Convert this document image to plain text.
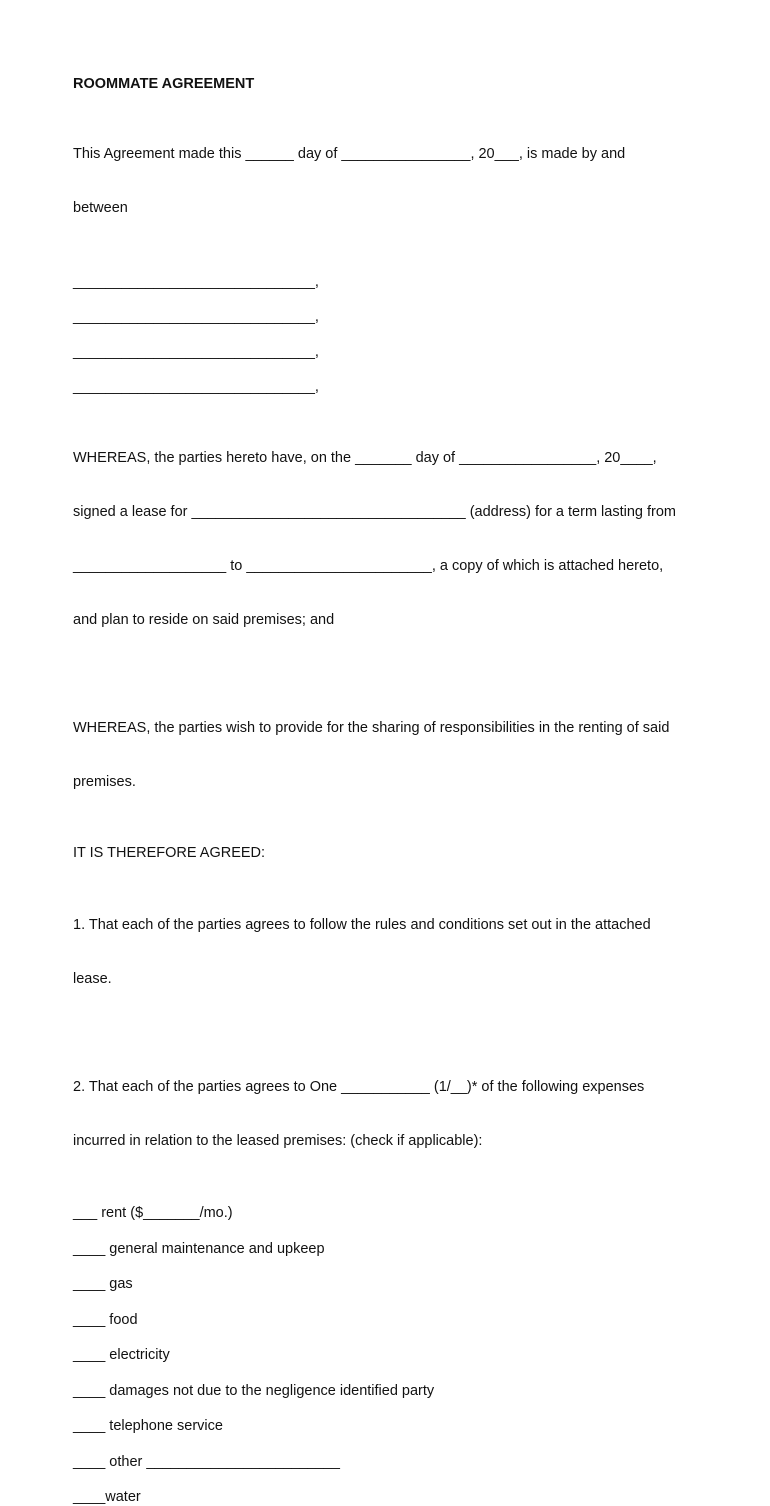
ROOMMATE AGREEMENT

This Agreement made this ______ day of ________________, 20___, is made by and

between

______________________________,
______________________________,
______________________________,
______________________________,

WHEREAS, the parties hereto have, on the _______ day of _________________, 20____,

signed a lease for __________________________________ (address) for a term lasting from

___________________ to _______________________, a copy of which is attached hereto,

and plan to reside on said premises; and

WHEREAS, the parties wish to provide for the sharing of responsibilities in the renting of said

premises.

IT IS THEREFORE AGREED:

1. That each of the parties agrees to follow the rules and conditions set out in the attached

lease.

2. That each of the parties agrees to One ___________ (1/__)* of the following expenses

incurred in relation to the leased premises: (check if applicable):

___ rent ($_______/mo.)
____ general maintenance and upkeep
____ gas
____ food
____ electricity
____ damages not due to the negligence identified party
____ telephone service
____ other ________________________
____water
